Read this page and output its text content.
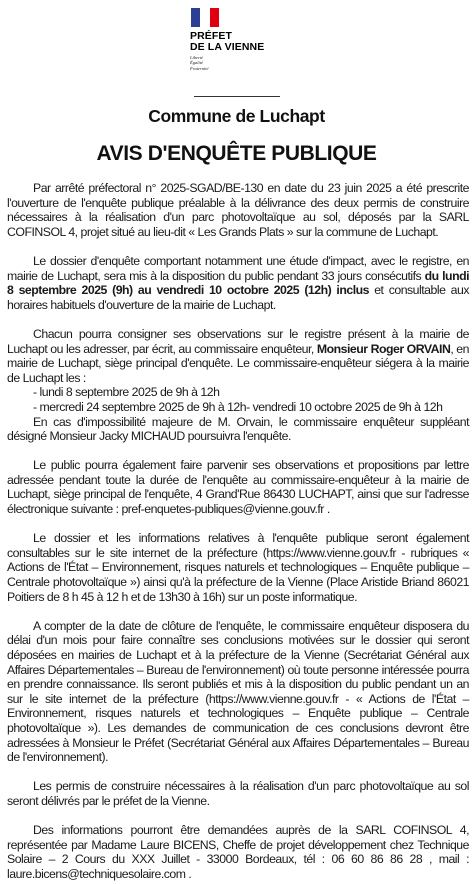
PRÉFET
DE LA VIENNE
Liberté
Égalité
Fraternité
Commune de Luchapt
AVIS D'ENQUÊTE PUBLIQUE

Par arrêté préfectoral n° 2025-SGAD/BE-130 en date du 23 juin 2025 a été prescrite l'ouverture de l'enquête publique préalable à la délivrance des deux permis de construire nécessaires à la réalisation d'un parc photovoltaïque au sol, déposés par la SARL COFINSOL 4, projet situé au lieu-dit « Les Grands Plats » sur la commune de Luchapt.

Le dossier d'enquête comportant notamment une étude d'impact, avec le registre, en mairie de Luchapt, sera mis à la disposition du public pendant 33 jours consécutifs du lundi 8 septembre 2025 (9h) au vendredi 10 octobre 2025 (12h) inclus et consultable aux horaires habituels d'ouverture de la mairie de Luchapt.

Chacun pourra consigner ses observations sur le registre présent à la mairie de Luchapt ou les adresser, par écrit, au commissaire enquêteur, Monsieur Roger ORVAIN, en mairie de Luchapt, siège principal d'enquête. Le commissaire-enquêteur siégera à la mairie de Luchapt les :

- lundi 8 septembre 2025 de 9h à 12h

- mercredi 24 septembre 2025 de 9h à 12h- vendredi 10 octobre 2025 de 9h à 12h

En cas d'impossibilité majeure de M. Orvain, le commissaire enquêteur suppléant désigné Monsieur Jacky MICHAUD poursuivra l'enquête.

Le public pourra également faire parvenir ses observations et propositions par lettre adressée pendant toute la durée de l'enquête au commissaire-enquêteur à la mairie de Luchapt, siège principal de l'enquête, 4 Grand'Rue 86430 LUCHAPT, ainsi que sur l'adresse électronique suivante : pref-enquetes-publiques@vienne.gouv.fr .

Le dossier et les informations relatives à l'enquête publique seront également consultables sur le site internet de la préfecture (https://www.vienne.gouv.fr - rubriques « Actions de l'État – Environnement, risques naturels et technologiques – Enquête publique – Centrale photovoltaïque ») ainsi qu'à la préfecture de la Vienne (Place Aristide Briand 86021 Poitiers de 8 h 45 à 12 h et de 13h30 à 16h) sur un poste informatique.

A compter de la date de clôture de l'enquête, le commissaire enquêteur disposera du délai d'un mois pour faire connaître ses conclusions motivées sur le dossier qui seront déposées en mairies de Luchapt et à la préfecture de la Vienne (Secrétariat Général aux Affaires Départementales – Bureau de l'environnement) où toute personne intéressée pourra en prendre connaissance. Ils seront publiés et mis à la disposition du public pendant un an sur le site internet de la préfecture (https://www.vienne.gouv.fr - « Actions de l'État – Environnement, risques naturels et technologiques – Enquête publique – Centrale photovoltaïque »). Les demandes de communication de ces conclusions devront être adressées à Monsieur le Préfet (Secrétariat Général aux Affaires Départementales – Bureau de l'environnement).

Les permis de construire nécessaires à la réalisation d'un parc photovoltaïque au sol seront délivrés par le préfet de la Vienne.

Des informations pourront être demandées auprès de la SARL COFINSOL 4, représentée par Madame Laure BICENS, Cheffe de projet développement chez Technique Solaire – 2 Cours du XXX Juillet - 33000 Bordeaux, tél : 06 60 86 86 28 , mail : laure.bicens@techniquesolaire.com .
